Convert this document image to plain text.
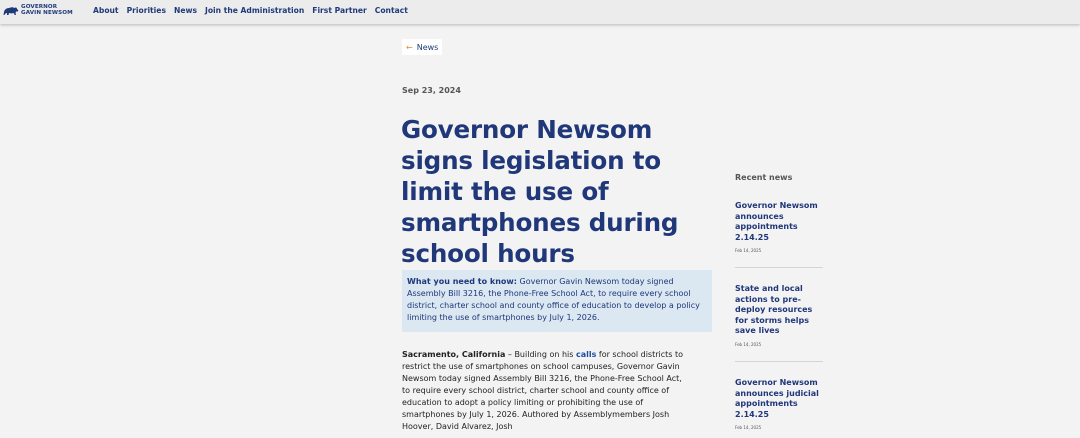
GOVERNOR
GAVIN NEWSOM	About Priorities News Join the Administration First Partner Contact
← News
Sep 23, 2024
Governor Newsom signs legislation to limit the use of smartphones during school hours
What you need to know: Governor Gavin Newsom today signed Assembly Bill 3216, the Phone-Free School Act, to require every school district, charter school and county office of education to develop a policy limiting the use of smartphones by July 1, 2026.
Sacramento, California – Building on his calls for school districts to restrict the use of smartphones on school campuses, Governor Gavin Newsom today signed Assembly Bill 3216, the Phone-Free School Act, to require every school district, charter school and county office of education to adopt a policy limiting or prohibiting the use of smartphones by July 1, 2026. Authored by Assemblymembers Josh Hoover, David Alvarez, Josh
Recent news
Governor Newsom announces appointments 2.14.25
Feb 14, 2025
State and local actions to pre-deploy resources for storms helps save lives
Feb 14, 2025
Governor Newsom announces judicial appointments 2.14.25
Feb 14, 2025
